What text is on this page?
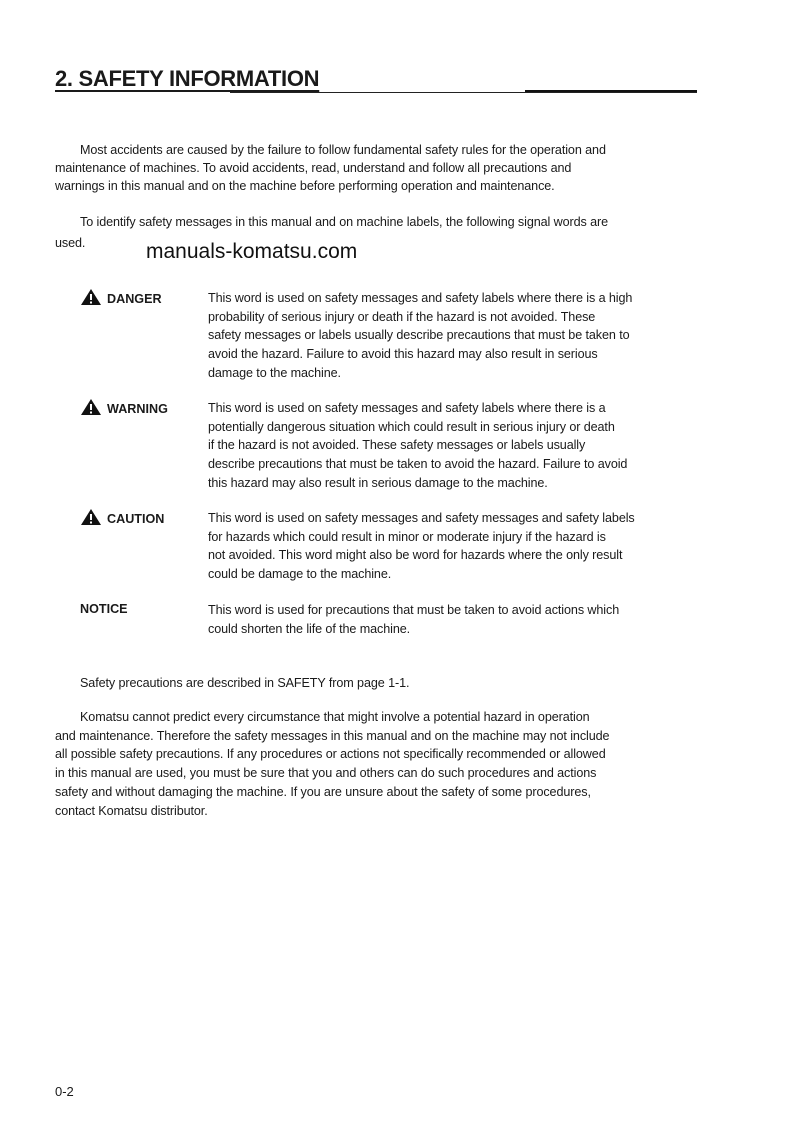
2. SAFETY INFORMATION
Most accidents are caused by the failure to follow fundamental safety rules for the operation and
maintenance of machines. To avoid accidents, read, understand and follow all precautions and
warnings in this manual and on the machine before performing operation and maintenance.
To identify safety messages in this manual and on machine labels, the following signal words are
used.	manuals-komatsu.com
DANGER	This word is used on safety messages and safety labels where there is a high
probability of serious injury or death if the hazard is not avoided. These
safety messages or labels usually describe precautions that must be taken to
avoid the hazard. Failure to avoid this hazard may also result in serious
damage to the machine.
WARNING	This word is used on safety messages and safety labels where there is a
potentially dangerous situation which could result in serious injury or death
if the hazard is not avoided. These safety messages or labels usually
describe precautions that must be taken to avoid the hazard. Failure to avoid
this hazard may also result in serious damage to the machine.
CAUTION	This word is used on safety messages and safety messages and safety labels
for hazards which could result in minor or moderate injury if the hazard is
not avoided. This word might also be word for hazards where the only result
could be damage to the machine.
NOTICE	This word is used for precautions that must be taken to avoid actions which
could shorten the life of the machine.
Safety precautions are described in SAFETY from page 1-1.
Komatsu cannot predict every circumstance that might involve a potential hazard in operation
and maintenance. Therefore the safety messages in this manual and on the machine may not include
all possible safety precautions. If any procedures or actions not specifically recommended or allowed
in this manual are used, you must be sure that you and others can do such procedures and actions
safety and without damaging the machine. If you are unsure about the safety of some procedures,
contact Komatsu distributor.
0-2
